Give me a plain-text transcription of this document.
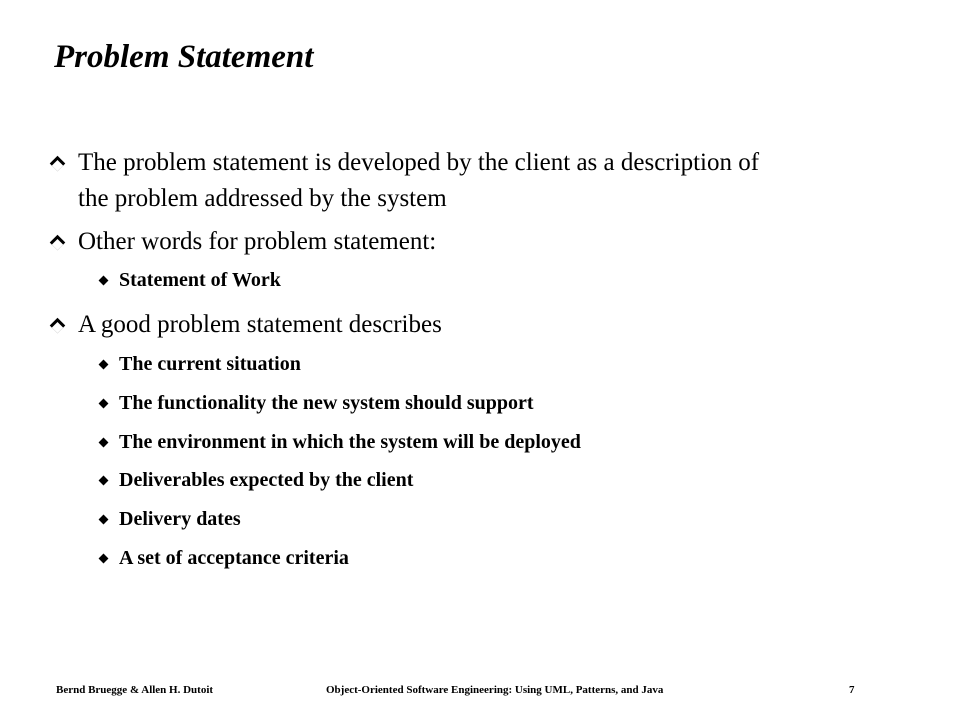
Problem Statement
The problem statement is developed by the client as a description of the problem addressed by the system
Other words for problem statement:
Statement of Work
A good problem statement describes
The current situation
The functionality the new system should support
The environment in which the system will be deployed
Deliverables expected by the client
Delivery dates
A set of acceptance criteria
Bernd Bruegge & Allen H. Dutoit	Object-Oriented Software Engineering: Using UML, Patterns, and Java	7
